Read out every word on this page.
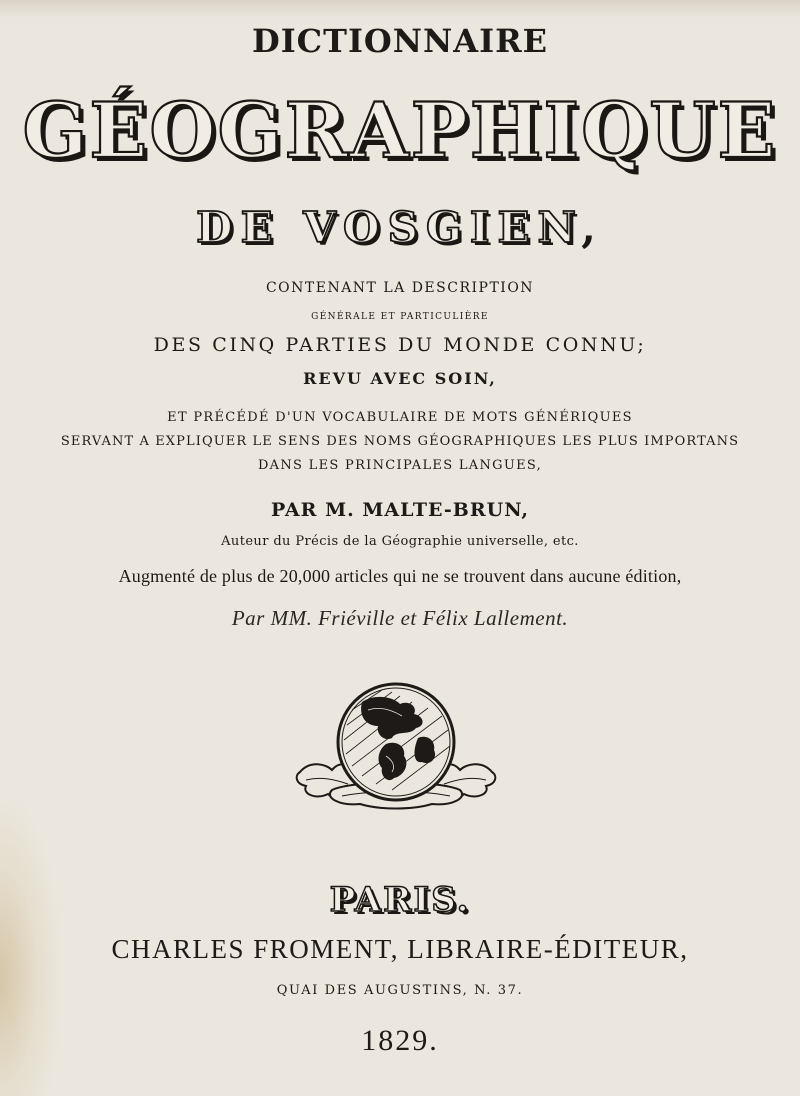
DICTIONNAIRE
GÉOGRAPHIQUE
DE VOSGIEN,
CONTENANT LA DESCRIPTION
GÉNÉRALE ET PARTICULIÈRE
DES CINQ PARTIES DU MONDE CONNU;
REVU AVEC SOIN,
ET PRÉCÉDÉ D'UN VOCABULAIRE DE MOTS GÉNÉRIQUES
SERVANT A EXPLIQUER LE SENS DES NOMS GÉOGRAPHIQUES LES PLUS IMPORTANS
DANS LES PRINCIPALES LANGUES,
PAR M. MALTE-BRUN,
Auteur du Précis de la Géographie universelle, etc.
Augmenté de plus de 20,000 articles qui ne se trouvent dans aucune édition,
Par MM. Friéville et Félix Lallement.
PARIS.
CHARLES FROMENT, LIBRAIRE-ÉDITEUR,
QUAI DES AUGUSTINS, N. 37.
1829.
